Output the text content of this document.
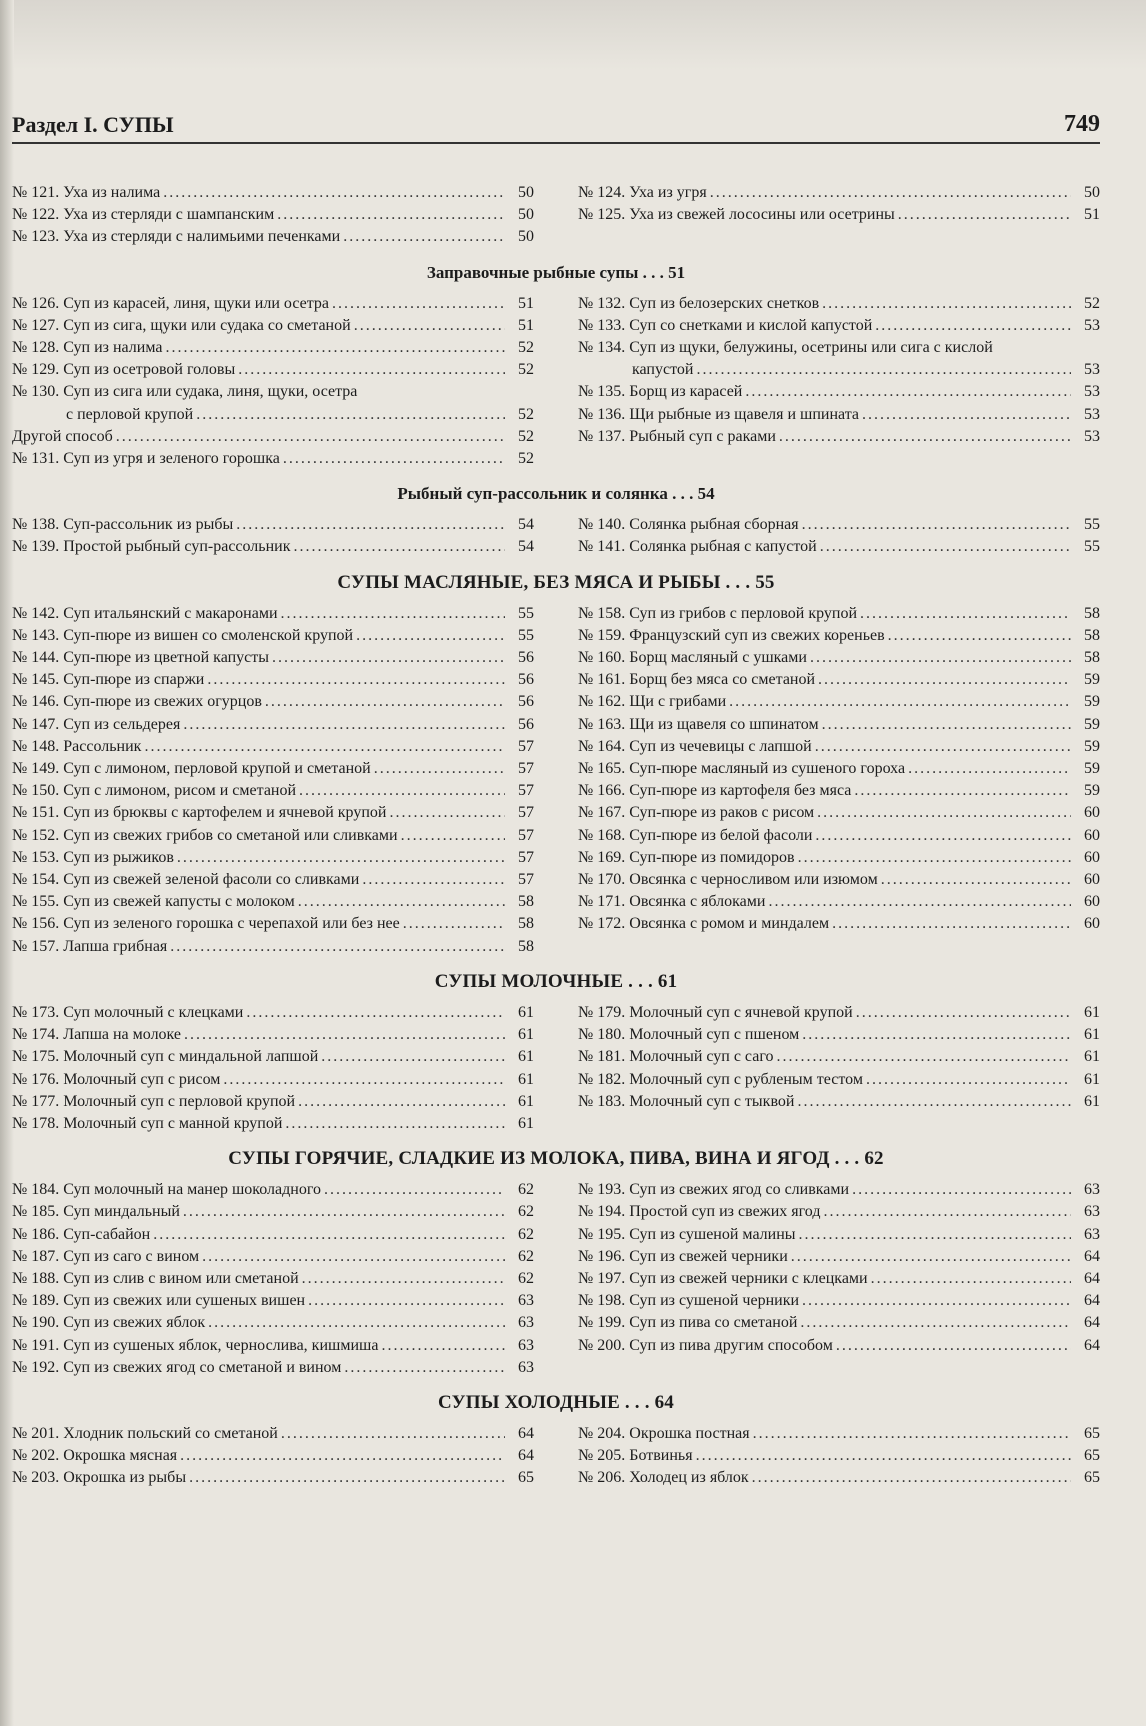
Раздел I. СУПЫ	749
№ 121. Уха из налима . . .	50
№ 122. Уха из стерляди с шампанским . . .	50
№ 123. Уха из стерляди с налимьими печенками . . .	50
№ 124. Уха из угря . . .	50
№ 125. Уха из свежей лососины или осетрины . . .	51
Заправочные рыбные супы . . . 51
№ 126. Суп из карасей, линя, щуки или осетра . . .	51
№ 127. Суп из сига, щуки или судака со сметаной . . .	51
№ 128. Суп из налима . . .	52
№ 129. Суп из осетровой головы . . .	52
№ 130. Суп из сига или судака, линя, щуки, осетра
с перловой крупой . . .	52
Другой способ . . .	52
№ 131. Суп из угря и зеленого горошка . . .	52
№ 132. Суп из белозерских снетков . . .	52
№ 133. Суп со снетками и кислой капустой . . .	53
№ 134. Суп из щуки, белужины, осетрины или сига с кислой
капустой . . .	53
№ 135. Борщ из карасей . . .	53
№ 136. Щи рыбные из щавеля и шпината . . .	53
№ 137. Рыбный суп с раками . . .	53
Рыбный суп-рассольник и солянка . . . 54
№ 138. Суп-рассольник из рыбы . . .	54
№ 139. Простой рыбный суп-рассольник . . .	54
№ 140. Солянка рыбная сборная . . .	55
№ 141. Солянка рыбная с капустой . . .	55
СУПЫ МАСЛЯНЫЕ, БЕЗ МЯСА И РЫБЫ . . . 55
№ 142. Суп итальянский с макаронами . . .	55
№ 143. Суп-пюре из вишен со смоленской крупой . . .	55
№ 144. Суп-пюре из цветной капусты . . .	56
№ 145. Суп-пюре из спаржи . . .	56
№ 146. Суп-пюре из свежих огурцов . . .	56
№ 147. Суп из сельдерея . . .	56
№ 148. Рассольник . . .	57
№ 149. Суп с лимоном, перловой крупой и сметаной . . .	57
№ 150. Суп с лимоном, рисом и сметаной . . .	57
№ 151. Суп из брюквы с картофелем и ячневой крупой . . .	57
№ 152. Суп из свежих грибов со сметаной или сливками . . .	57
№ 153. Суп из рыжиков . . .	57
№ 154. Суп из свежей зеленой фасоли со сливками . . .	57
№ 155. Суп из свежей капусты с молоком . . .	58
№ 156. Суп из зеленого горошка с черепахой или без нее . . .	58
№ 157. Лапша грибная . . .	58
№ 158. Суп из грибов с перловой крупой . . .	58
№ 159. Французский суп из свежих кореньев . . .	58
№ 160. Борщ масляный с ушками . . .	58
№ 161. Борщ без мяса со сметаной . . .	59
№ 162. Щи с грибами . . .	59
№ 163. Щи из щавеля со шпинатом . . .	59
№ 164. Суп из чечевицы с лапшой . . .	59
№ 165. Суп-пюре масляный из сушеного гороха . . .	59
№ 166. Суп-пюре из картофеля без мяса . . .	59
№ 167. Суп-пюре из раков с рисом . . .	60
№ 168. Суп-пюре из белой фасоли . . .	60
№ 169. Суп-пюре из помидоров . . .	60
№ 170. Овсянка с черносливом или изюмом . . .	60
№ 171. Овсянка с яблоками . . .	60
№ 172. Овсянка с ромом и миндалем . . .	60
СУПЫ МОЛОЧНЫЕ . . . 61
№ 173. Суп молочный с клецками . . .	61
№ 174. Лапша на молоке . . .	61
№ 175. Молочный суп с миндальной лапшой . . .	61
№ 176. Молочный суп с рисом . . .	61
№ 177. Молочный суп с перловой крупой . . .	61
№ 178. Молочный суп с манной крупой . . .	61
№ 179. Молочный суп с ячневой крупой . . .	61
№ 180. Молочный суп с пшеном . . .	61
№ 181. Молочный суп с саго . . .	61
№ 182. Молочный суп с рубленым тестом . . .	61
№ 183. Молочный суп с тыквой . . .	61
СУПЫ ГОРЯЧИЕ, СЛАДКИЕ ИЗ МОЛОКА, ПИВА, ВИНА И ЯГОД . . . 62
№ 184. Суп молочный на манер шоколадного . . .	62
№ 185. Суп миндальный . . .	62
№ 186. Суп-сабайон . . .	62
№ 187. Суп из саго с вином . . .	62
№ 188. Суп из слив с вином или сметаной . . .	62
№ 189. Суп из свежих или сушеных вишен . . .	63
№ 190. Суп из свежих яблок . . .	63
№ 191. Суп из сушеных яблок, чернослива, кишмиша . . .	63
№ 192. Суп из свежих ягод со сметаной и вином . . .	63
№ 193. Суп из свежих ягод со сливками . . .	63
№ 194. Простой суп из свежих ягод . . .	63
№ 195. Суп из сушеной малины . . .	63
№ 196. Суп из свежей черники . . .	64
№ 197. Суп из свежей черники с клецками . . .	64
№ 198. Суп из сушеной черники . . .	64
№ 199. Суп из пива со сметаной . . .	64
№ 200. Суп из пива другим способом . . .	64
СУПЫ ХОЛОДНЫЕ . . . 64
№ 201. Хлодник польский со сметаной . . .	64
№ 202. Окрошка мясная . . .	64
№ 203. Окрошка из рыбы . . .	65
№ 204. Окрошка постная . . .	65
№ 205. Ботвинья . . .	65
№ 206. Холодец из яблок . . .	65
